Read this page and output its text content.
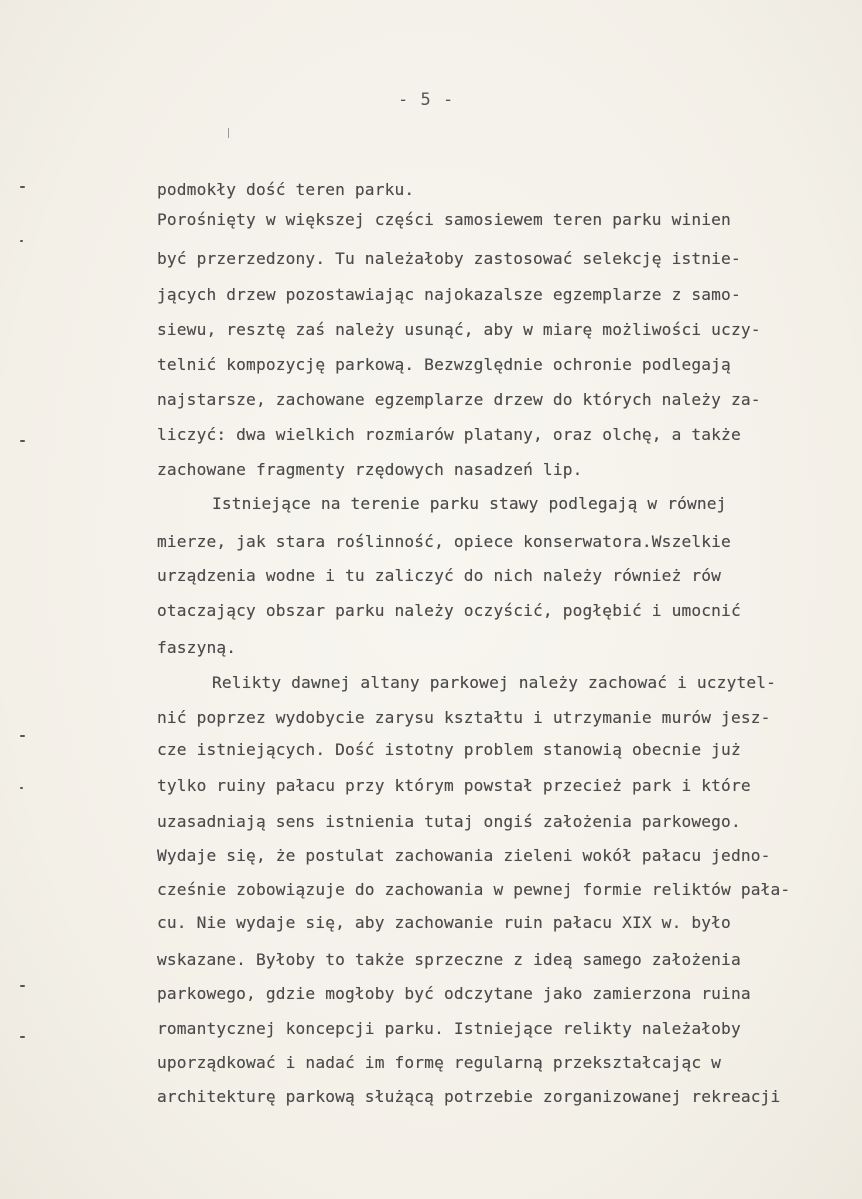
- 5 -
podmokły dość teren parku.
Porośnięty w większej części samosiewem teren parku winien
być przerzedzony. Tu należałoby zastosować selekcję istnie-
jących drzew pozostawiając najokazalsze egzemplarze z samo-
siewu, resztę zaś należy usunąć, aby w miarę możliwości uczy-
telnić kompozycję parkową. Bezwzględnie ochronie podlegają
najstarsze, zachowane egzemplarze drzew do których należy za-
liczyć: dwa wielkich rozmiarów platany, oraz olchę, a także
zachowane fragmenty rzędowych nasadzeń lip.
Istniejące na terenie parku stawy podlegają w równej
mierze, jak stara roślinność, opiece konserwatora.Wszelkie
urządzenia wodne i tu zaliczyć do nich należy również rów
otaczający obszar parku należy oczyścić, pogłębić i umocnić
faszyną.
Relikty dawnej altany parkowej należy zachować i uczytel-
nić poprzez wydobycie zarysu kształtu i utrzymanie murów jesz-
cze istniejących. Dość istotny problem stanowią obecnie już
tylko ruiny pałacu przy którym powstał przecież park i które
uzasadniają sens istnienia tutaj ongiś założenia parkowego.
Wydaje się, że postulat zachowania zieleni wokół pałacu jedno-
cześnie zobowiązuje do zachowania w pewnej formie reliktów pała-
cu. Nie wydaje się, aby zachowanie ruin pałacu XIX w. było
wskazane. Byłoby to także sprzeczne z ideą samego założenia
parkowego, gdzie mogłoby być odczytane jako zamierzona ruina
romantycznej koncepcji parku. Istniejące relikty należałoby
uporządkować i nadać im formę regularną przekształcając w
architekturę parkową służącą potrzebie zorganizowanej rekreacji
